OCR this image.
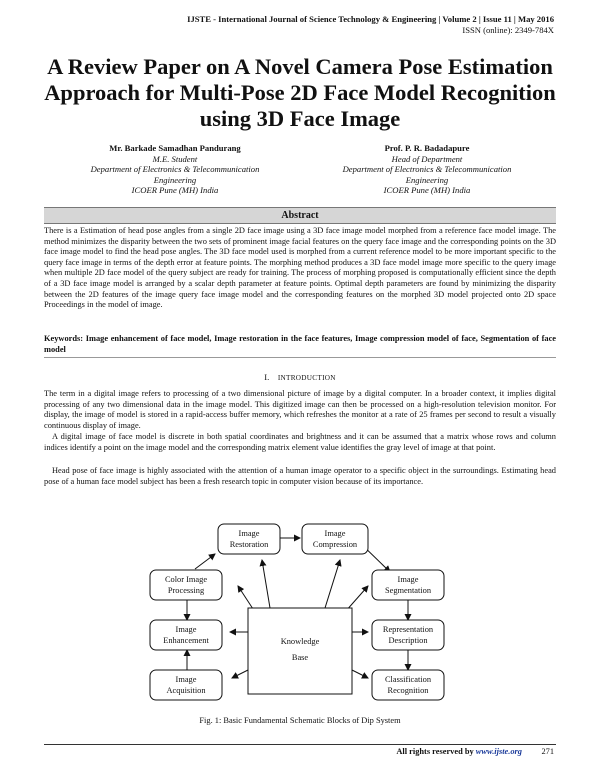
IJSTE - International Journal of Science Technology & Engineering | Volume 2 | Issue 11 | May 2016
ISSN (online): 2349-784X
A Review Paper on A Novel Camera Pose Estimation Approach for Multi-Pose 2D Face Model Recognition using 3D Face Image
Mr. Barkade Samadhan Pandurang
M.E. Student
Department of Electronics & Telecommunication Engineering
ICOER Pune (MH) India
Prof. P. R. Badadapure
Head of Department
Department of Electronics & Telecommunication Engineering
ICOER Pune (MH) India
Abstract
There is a Estimation of head pose angles from a single 2D face image using a 3D face image model morphed from a reference face model image. The method minimizes the disparity between the two sets of prominent image facial features on the query face image and the corresponding points on the 3D face image model to find the head pose angles. The 3D face model used is morphed from a current reference model to be more important specific to the query face image in terms of the depth error at feature points. The morphing method produces a 3D face model image more specific to the query image when multiple 2D face model of the query subject are ready for training. The process of morphing proposed is computationally efficient since the depth of a 3D face image model is arranged by a scalar depth parameter at feature points. Optimal depth parameters are found by minimizing the disparity between the 2D features of the image query face image model and the corresponding features on the morphed 3D model projected onto 2D space Proceedings in the model of image.
Keywords: Image enhancement of face model, Image restoration in the face features, Image compression model of face, Segmentation of face model
I. INTRODUCTION
The term in a digital image refers to processing of a two dimensional picture of image by a digital computer. In a broader context, it implies digital processing of any two dimensional data in the image model. This digitized image can then be processed on a high-resolution television monitor. For display, the image of model is stored in a rapid-access buffer memory, which refreshes the monitor at a rate of 25 frames per second to result a visually continuous display of image.
A digital image of face model is discrete in both spatial coordinates and brightness and it can be assumed that a matrix whose rows and column indices identify a point on the image model and the corresponding matrix element value identifies the gray level of image at that point.
Head pose of face image is highly associated with the attention of a human image operator to a specific object in the surroundings. Estimating head pose of a human face model subject has been a fresh research topic in computer vision because of its importance.
Image
Restoration
Image
Compression
Color Image
Processing
Image
Segmentation
Knowledge
Base
Image
Enhancement
Representation
Description
Image
Acquisition
Classification
Recognition
Fig. 1: Basic Fundamental Schematic Blocks of Dip System
All rights reserved by www.ijste.org 271
